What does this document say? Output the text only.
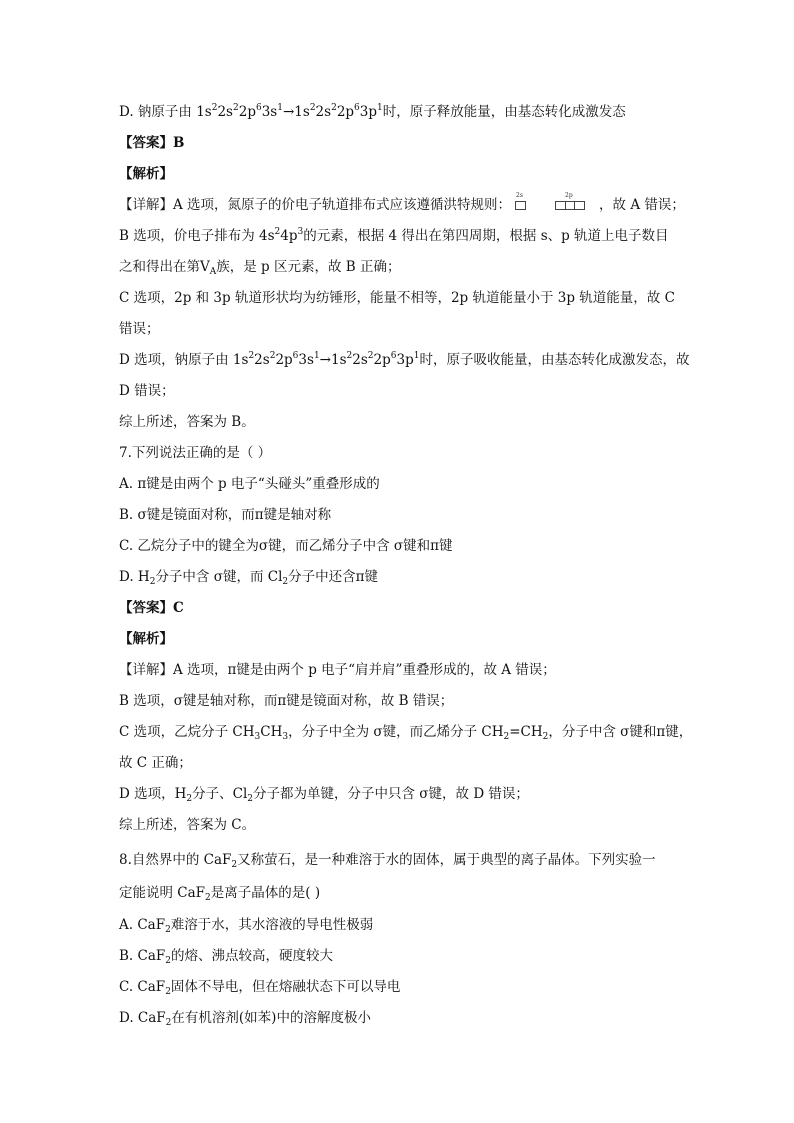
D. 钠原子由 $1s^22s^22p^63s^1\to 1s^22s^22p^63p^1$时，原子释放能量，由基态转化成激发态
【答案】B
【解析】
【详解】A 选项，氮原子的价电子轨道排布式应该遵循洪特规则：
2s	2p
，故 A 错误；
B 选项，价电子排布为 $4s^24p^3$的元素，根据 4 得出在第四周期，根据 s、p 轨道上电子数目
之和得出在第$Ⅴ_A$族，是 p 区元素，故 B 正确；
C 选项，2p 和 3p 轨道形状均为纺锤形，能量不相等，2p 轨道能量小于 3p 轨道能量，故 C
错误；
D 选项，钠原子由 $1s^22s^22p^63s^1\to 1s^22s^22p^63p^1$时，原子吸收能量，由基态转化成激发态，故
D 错误；
综上所述，答案为 B。
7.下列说法正确的是（ ）
A. π键是由两个 p 电子“头碰头”重叠形成的
B. σ键是镜面对称，而π键是轴对称
C. 乙烷分子中的键全为σ键，而乙烯分子中含 σ键和π键
D. $H_2$分子中含 σ键，而 $Cl_2$分子中还含π键
【答案】C
【解析】
【详解】A 选项，π键是由两个 p 电子“肩并肩”重叠形成的，故 A 错误；
B 选项，σ键是轴对称，而π键是镜面对称，故 B 错误；
C 选项，乙烷分子 $CH_3CH_3$，分子中全为 σ键，而乙烯分子 $CH_2=CH_2$，分子中含 σ键和π键，
故 C 正确；
D 选项，$H_2$分子、$Cl_2$分子都为单键，分子中只含 σ键，故 D 错误；
综上所述，答案为 C。
8.自然界中的 CaF$_2$又称萤石，是一种难溶于水的固体，属于典型的离子晶体。下列实验一
定能说明 CaF$_2$是离子晶体的是( )
A. CaF$_2$难溶于水，其水溶液的导电性极弱
B. CaF$_2$的熔、沸点较高，硬度较大
C. CaF$_2$固体不导电，但在熔融状态下可以导电
D. CaF$_2$在有机溶剂(如苯)中的溶解度极小
